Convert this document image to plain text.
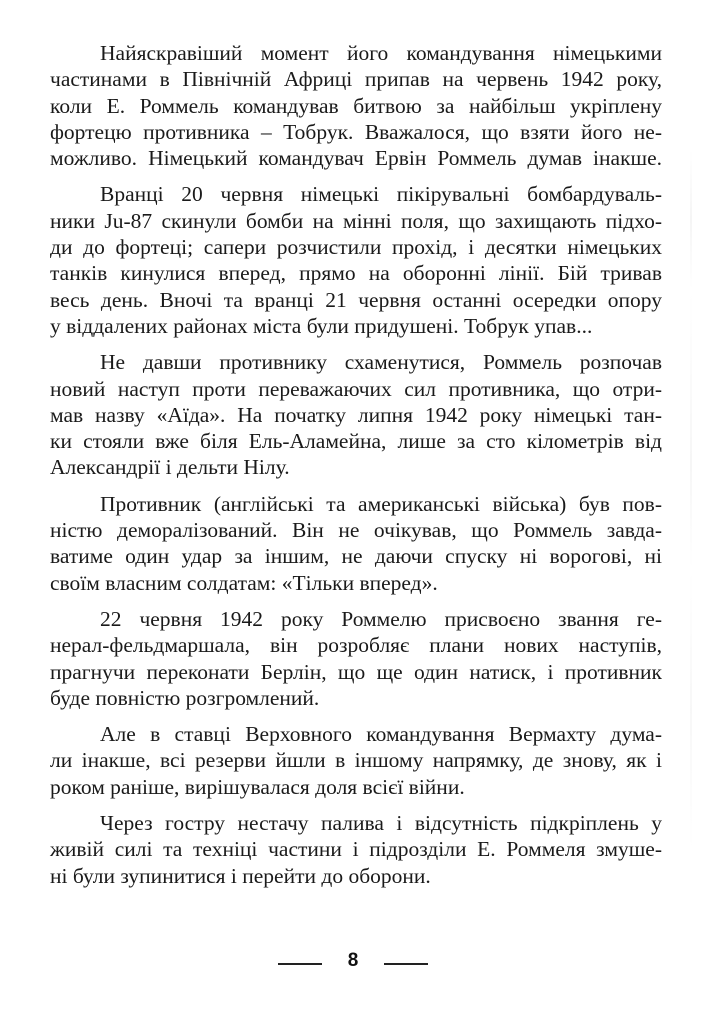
Найяскравіший момент його командування німецькими
частинами в Північній Африці припав на червень 1942 року,
коли Е. Роммель командував битвою за найбільш укріплену
фортецю противника – Тобрук. Вважалося, що взяти його не-
можливо. Німецький командувач Ервін Роммель думав інакше.

Вранці 20 червня німецькі пікірувальні бомбардуваль-
ники Ju-87 скинули бомби на мінні поля, що захищають підхо-
ди до фортеці; сапери розчистили прохід, і десятки німецьких
танків кинулися вперед, прямо на оборонні лінії. Бій тривав
весь день. Вночі та вранці 21 червня останні осередки опору
у віддалених районах міста були придушені. Тобрук упав...

Не давши противнику схаменутися, Роммель розпочав
новий наступ проти переважаючих сил противника, що отри-
мав назву «Аїда». На початку липня 1942 року німецькі тан-
ки стояли вже біля Ель-Аламейна, лише за сто кілометрів від
Александрії і дельти Нілу.

Противник (англійські та американські війська) був пов-
ністю деморалізований. Він не очікував, що Роммель завда-
ватиме один удар за іншим, не даючи спуску ні ворогові, ні
своїм власним солдатам: «Тільки вперед».

22 червня 1942 року Роммелю присвоєно звання ге-
нерал-фельдмаршала, він розробляє плани нових наступів,
прагнучи переконати Берлін, що ще один натиск, і противник
буде повністю розгромлений.

Але в ставці Верховного командування Вермахту дума-
ли інакше, всі резерви йшли в іншому напрямку, де знову, як і
роком раніше, вирішувалася доля всієї війни.

Через гостру нестачу палива і відсутність підкріплень у
живій силі та техніці частини і підрозділи Е. Роммеля змуше-
ні були зупинитися і перейти до оборони.

8
